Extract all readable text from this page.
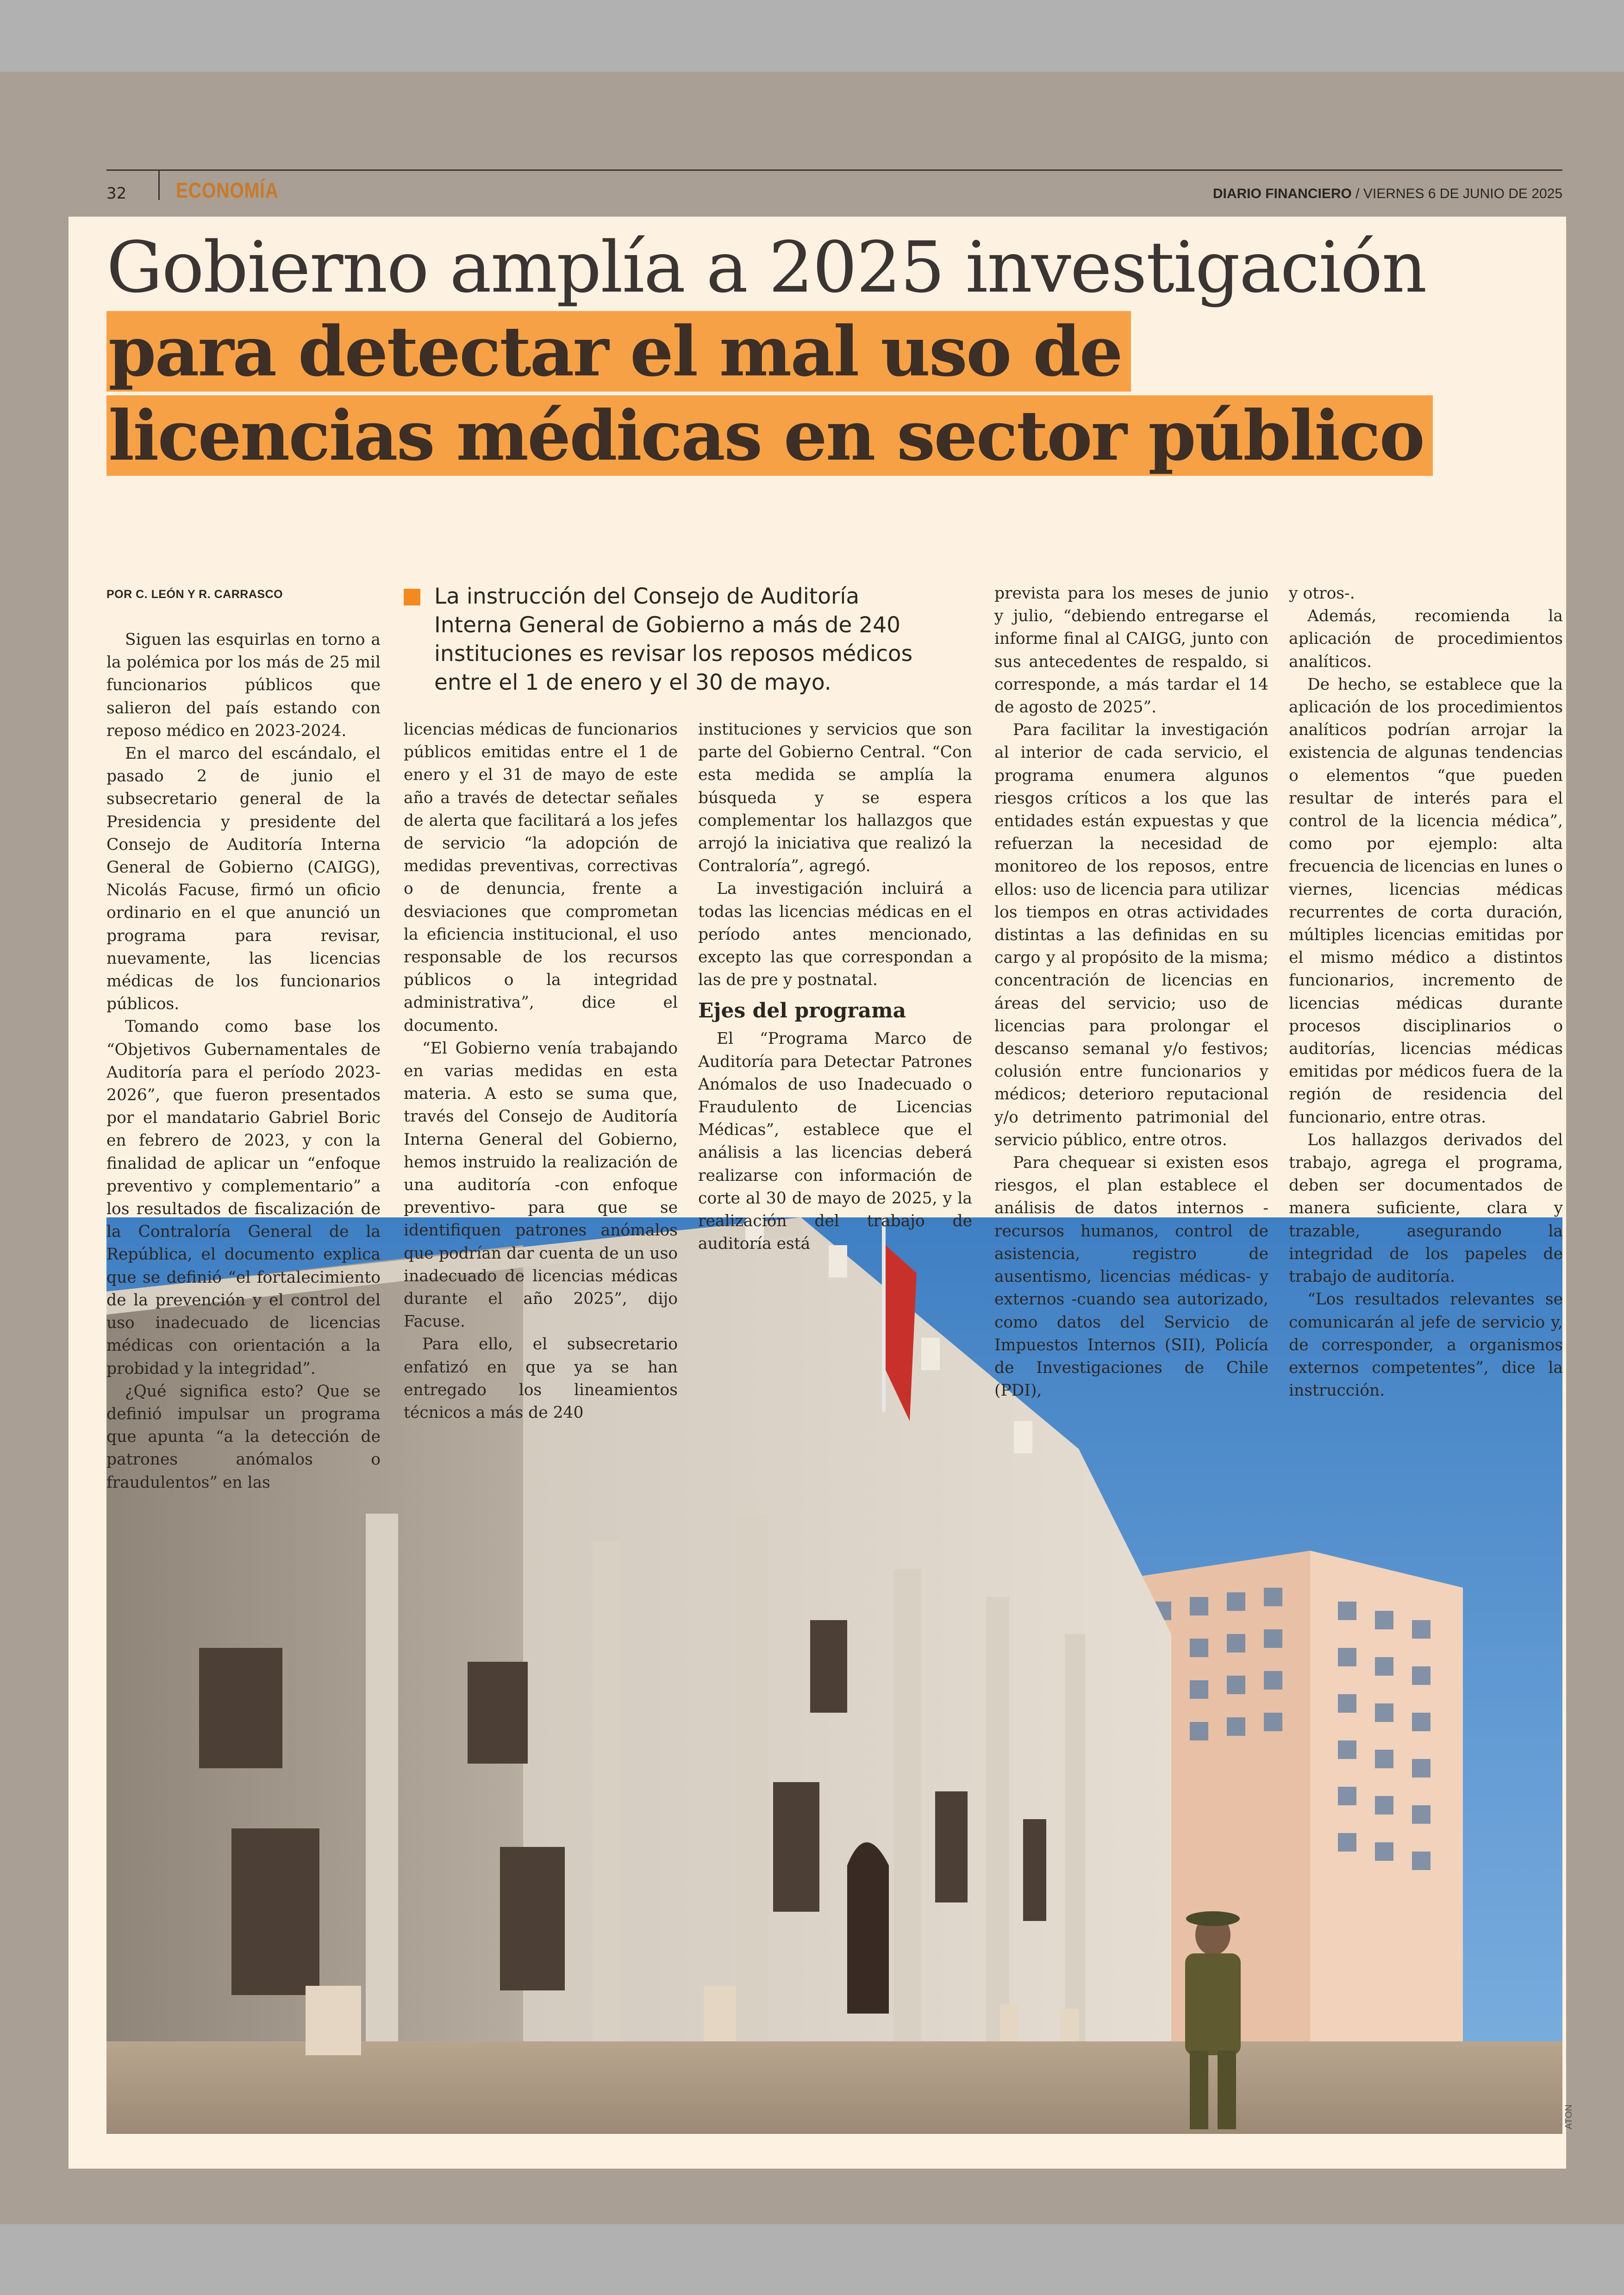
32 ECONOMÍA	DIARIO FINANCIERO / VIERNES 6 DE JUNIO DE 2025
Gobierno amplía a 2025 investigación
para detectar el mal uso de
licencias médicas en sector público
POR C. LEÓN Y R. CARRASCO	La instrucción del Consejo de Auditoría Interna General de Gobierno a más de 240 instituciones es revisar los reposos médicos entre el 1 de enero y el 30 de mayo.
ATON

Siguen las esquirlas en torno a la polémica por los más de 25 mil funcionarios públicos que salieron del país estando con reposo médico en 2023-2024.

En el marco del escándalo, el pasado 2 de junio el subsecretario general de la Presidencia y presidente del Consejo de Auditoría Interna General de Gobierno (CAIGG), Nicolás Facuse, firmó un oficio ordinario en el que anunció un programa para revisar, nuevamente, las licencias médicas de los funcionarios públicos.

Tomando como base los “Objetivos Gubernamentales de Auditoría para el período 2023-2026”, que fueron presentados por el mandatario Gabriel Boric en febrero de 2023, y con la finalidad de aplicar un “enfoque preventivo y complementario” a los resultados de fiscalización de la Contraloría General de la República, el documento explica que se definió “el fortalecimiento de la prevención y el control del uso inadecuado de licencias médicas con orientación a la probidad y la integridad”.

¿Qué significa esto? Que se definió impulsar un programa que apunta “a la detección de patrones anómalos o fraudulentos” en las

licencias médicas de funcionarios públicos emitidas entre el 1 de enero y el 31 de mayo de este año a través de detectar señales de alerta que facilitará a los jefes de servicio “la adopción de medidas preventivas, correctivas o de denuncia, frente a desviaciones que comprometan la eficiencia institucional, el uso responsable de los recursos públicos o la integridad administrativa”, dice el documento.

“El Gobierno venía trabajando en varias medidas en esta materia. A esto se suma que, través del Consejo de Auditoría Interna General del Gobierno, hemos instruido la realización de una auditoría -con enfoque preventivo- para que se identifiquen patrones anómalos que podrían dar cuenta de un uso inadecuado de licencias médicas durante el año 2025”, dijo Facuse.

Para ello, el subsecretario enfatizó en que ya se han entregado los lineamientos técnicos a más de 240

instituciones y servicios que son parte del Gobierno Central. “Con esta medida se amplía la búsqueda y se espera complementar los hallazgos que arrojó la iniciativa que realizó la Contraloría”, agregó.

La investigación incluirá a todas las licencias médicas en el período antes mencionado, excepto las que correspondan a las de pre y postnatal.

Ejes del programa

El “Programa Marco de Auditoría para Detectar Patrones Anómalos de uso Inadecuado o Fraudulento de Licencias Médicas”, establece que el análisis a las licencias deberá realizarse con información de corte al 30 de mayo de 2025, y la realización del trabajo de auditoría está

prevista para los meses de junio y julio, “debiendo entregarse el informe final al CAIGG, junto con sus antecedentes de respaldo, si corresponde, a más tardar el 14 de agosto de 2025”.

Para facilitar la investigación al interior de cada servicio, el programa enumera algunos riesgos críticos a los que las entidades están expuestas y que refuerzan la necesidad de monitoreo de los reposos, entre ellos: uso de licencia para utilizar los tiempos en otras actividades distintas a las definidas en su cargo y al propósito de la misma; concentración de licencias en áreas del servicio; uso de licencias para prolongar el descanso semanal y/o festivos; colusión entre funcionarios y médicos; deterioro reputacional y/o detrimento patrimonial del servicio público, entre otros.

Para chequear si existen esos riesgos, el plan establece el análisis de datos internos -recursos humanos, control de asistencia, registro de ausentismo, licencias médicas- y externos -cuando sea autorizado, como datos del Servicio de Impuestos Internos (SII), Policía de Investigaciones de Chile (PDI),

y otros-.

Además, recomienda la aplicación de procedimientos analíticos.

De hecho, se establece que la aplicación de los procedimientos analíticos podrían arrojar la existencia de algunas tendencias o elementos “que pueden resultar de interés para el control de la licencia médica”, como por ejemplo: alta frecuencia de licencias en lunes o viernes, licencias médicas recurrentes de corta duración, múltiples licencias emitidas por el mismo médico a distintos funcionarios, incremento de licencias médicas durante procesos disciplinarios o auditorías, licencias médicas emitidas por médicos fuera de la región de residencia del funcionario, entre otras.

Los hallazgos derivados del trabajo, agrega el programa, deben ser documentados de manera suficiente, clara y trazable, asegurando la integridad de los papeles de trabajo de auditoría.

“Los resultados relevantes se comunicarán al jefe de servicio y, de corresponder, a organismos externos competentes”, dice la instrucción.
